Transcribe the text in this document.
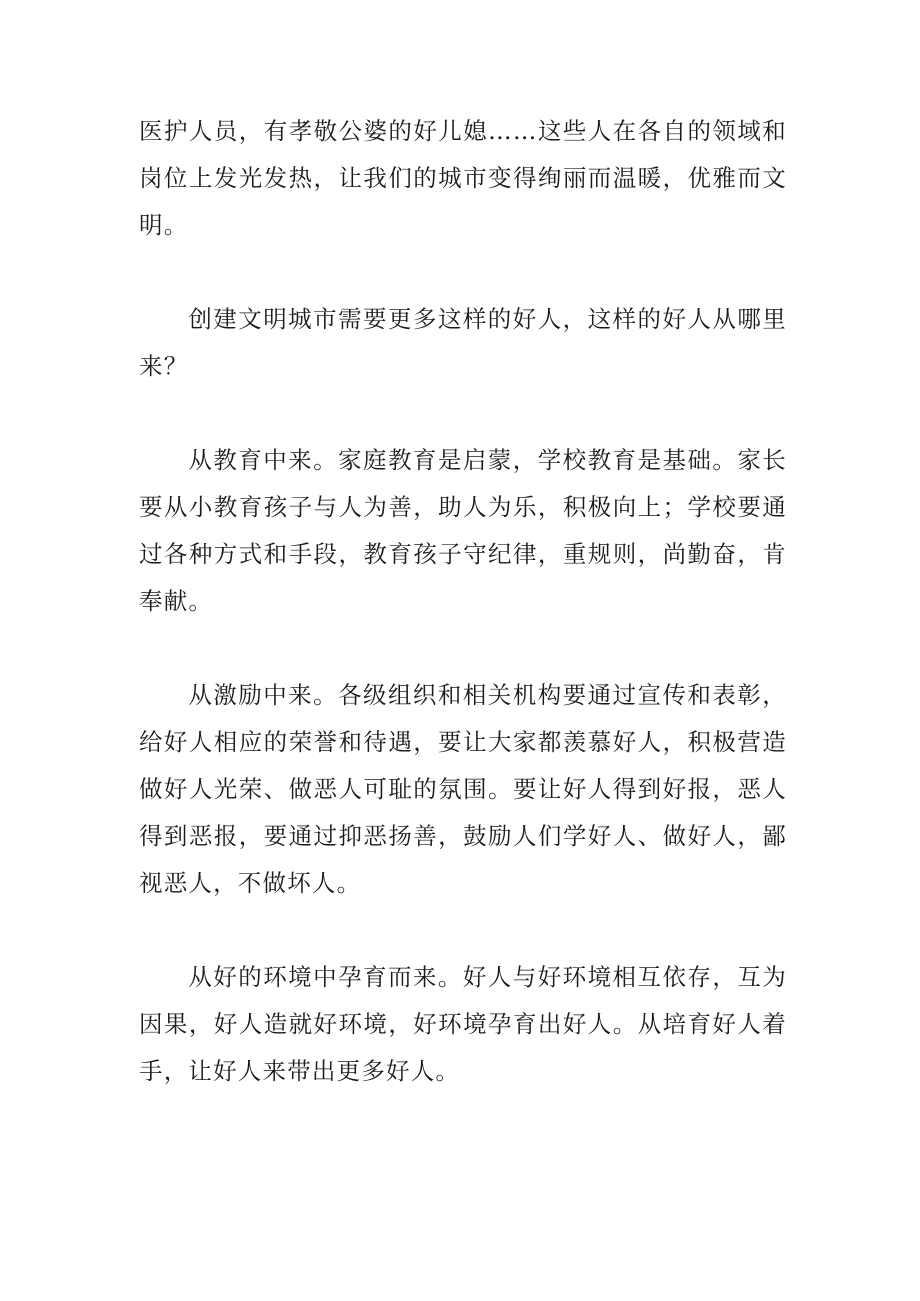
医护人员，有孝敬公婆的好儿媳……这些人在各自的领域和岗位上发光发热，让我们的城市变得绚丽而温暖，优雅而文明。

创建文明城市需要更多这样的好人，这样的好人从哪里来？

从教育中来。家庭教育是启蒙，学校教育是基础。家长要从小教育孩子与人为善，助人为乐，积极向上；学校要通过各种方式和手段，教育孩子守纪律，重规则，尚勤奋，肯奉献。

从激励中来。各级组织和相关机构要通过宣传和表彰，给好人相应的荣誉和待遇，要让大家都羡慕好人，积极营造做好人光荣、做恶人可耻的氛围。要让好人得到好报，恶人得到恶报，要通过抑恶扬善，鼓励人们学好人、做好人，鄙视恶人，不做坏人。

从好的环境中孕育而来。好人与好环境相互依存，互为因果，好人造就好环境，好环境孕育出好人。从培育好人着手，让好人来带出更多好人。
